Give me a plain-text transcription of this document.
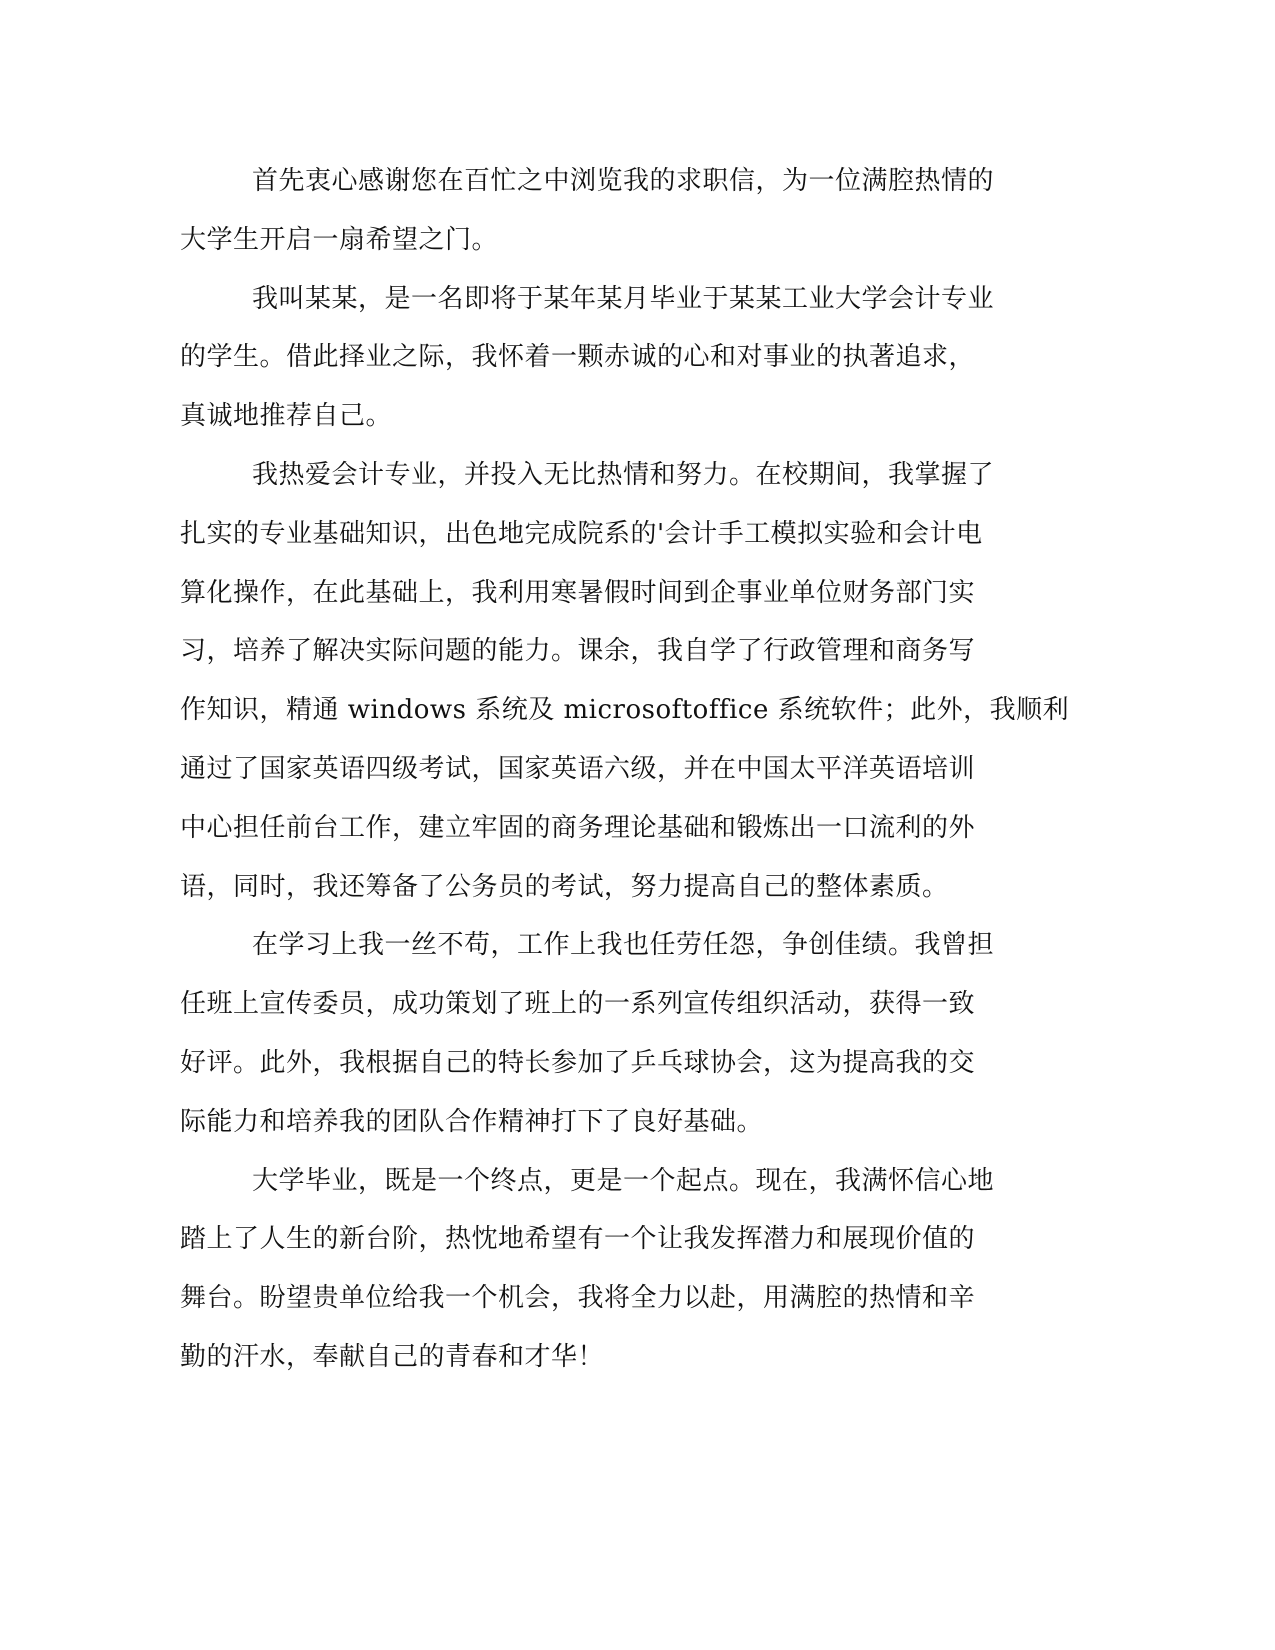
首先衷心感谢您在百忙之中浏览我的求职信，为一位满腔热情的
大学生开启一扇希望之门。
我叫某某，是一名即将于某年某月毕业于某某工业大学会计专业
的学生。借此择业之际，我怀着一颗赤诚的心和对事业的执著追求，
真诚地推荐自己。
我热爱会计专业，并投入无比热情和努力。在校期间，我掌握了
扎实的专业基础知识，出色地完成院系的'会计手工模拟实验和会计电
算化操作，在此基础上，我利用寒暑假时间到企事业单位财务部门实
习，培养了解决实际问题的能力。课余，我自学了行政管理和商务写
作知识，精通 windows 系统及 microsoftoffice 系统软件；此外，我顺利
通过了国家英语四级考试，国家英语六级，并在中国太平洋英语培训
中心担任前台工作，建立牢固的商务理论基础和锻炼出一口流利的外
语，同时，我还筹备了公务员的考试，努力提高自己的整体素质。
在学习上我一丝不苟，工作上我也任劳任怨，争创佳绩。我曾担
任班上宣传委员，成功策划了班上的一系列宣传组织活动，获得一致
好评。此外，我根据自己的特长参加了乒乓球协会，这为提高我的交
际能力和培养我的团队合作精神打下了良好基础。
大学毕业，既是一个终点，更是一个起点。现在，我满怀信心地
踏上了人生的新台阶，热忱地希望有一个让我发挥潜力和展现价值的
舞台。盼望贵单位给我一个机会，我将全力以赴，用满腔的热情和辛
勤的汗水，奉献自己的青春和才华！
